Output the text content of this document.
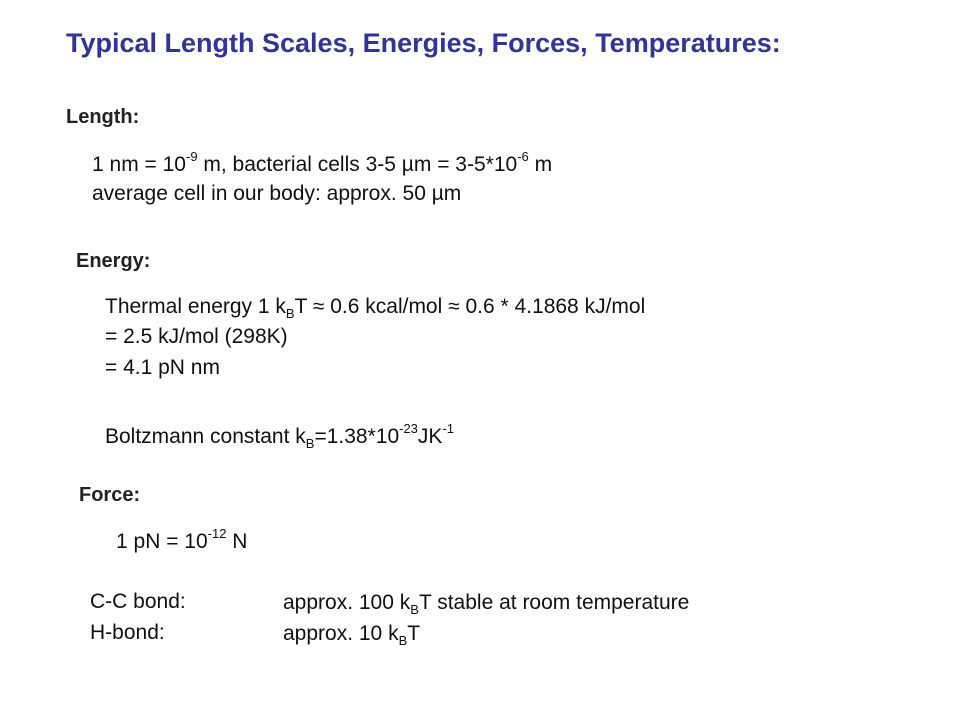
Typical Length Scales, Energies, Forces, Temperatures:
Length:
1 nm = $10^{-9}$ m, bacterial cells 3-5 $\mu m = 3-5*10^{-6}$ m
average cell in our body: approx. 50 µm
Energy:
Thermal energy 1 $k_BT \approx 0.6$ kcal/mol ≈ 0.6 * 4.1868 kJ/mol
= 2.5 kJ/mol (298K)
= 4.1 pN nm
Boltzmann constant $k_B=1.38*10^{-23}JK^{-1}$
Force:
1 pN = $10^{-12}$ N
C-C bond:	approx. 100 $k_BT$ stable at room temperature
H-bond:	approx. 10 $k_BT$
